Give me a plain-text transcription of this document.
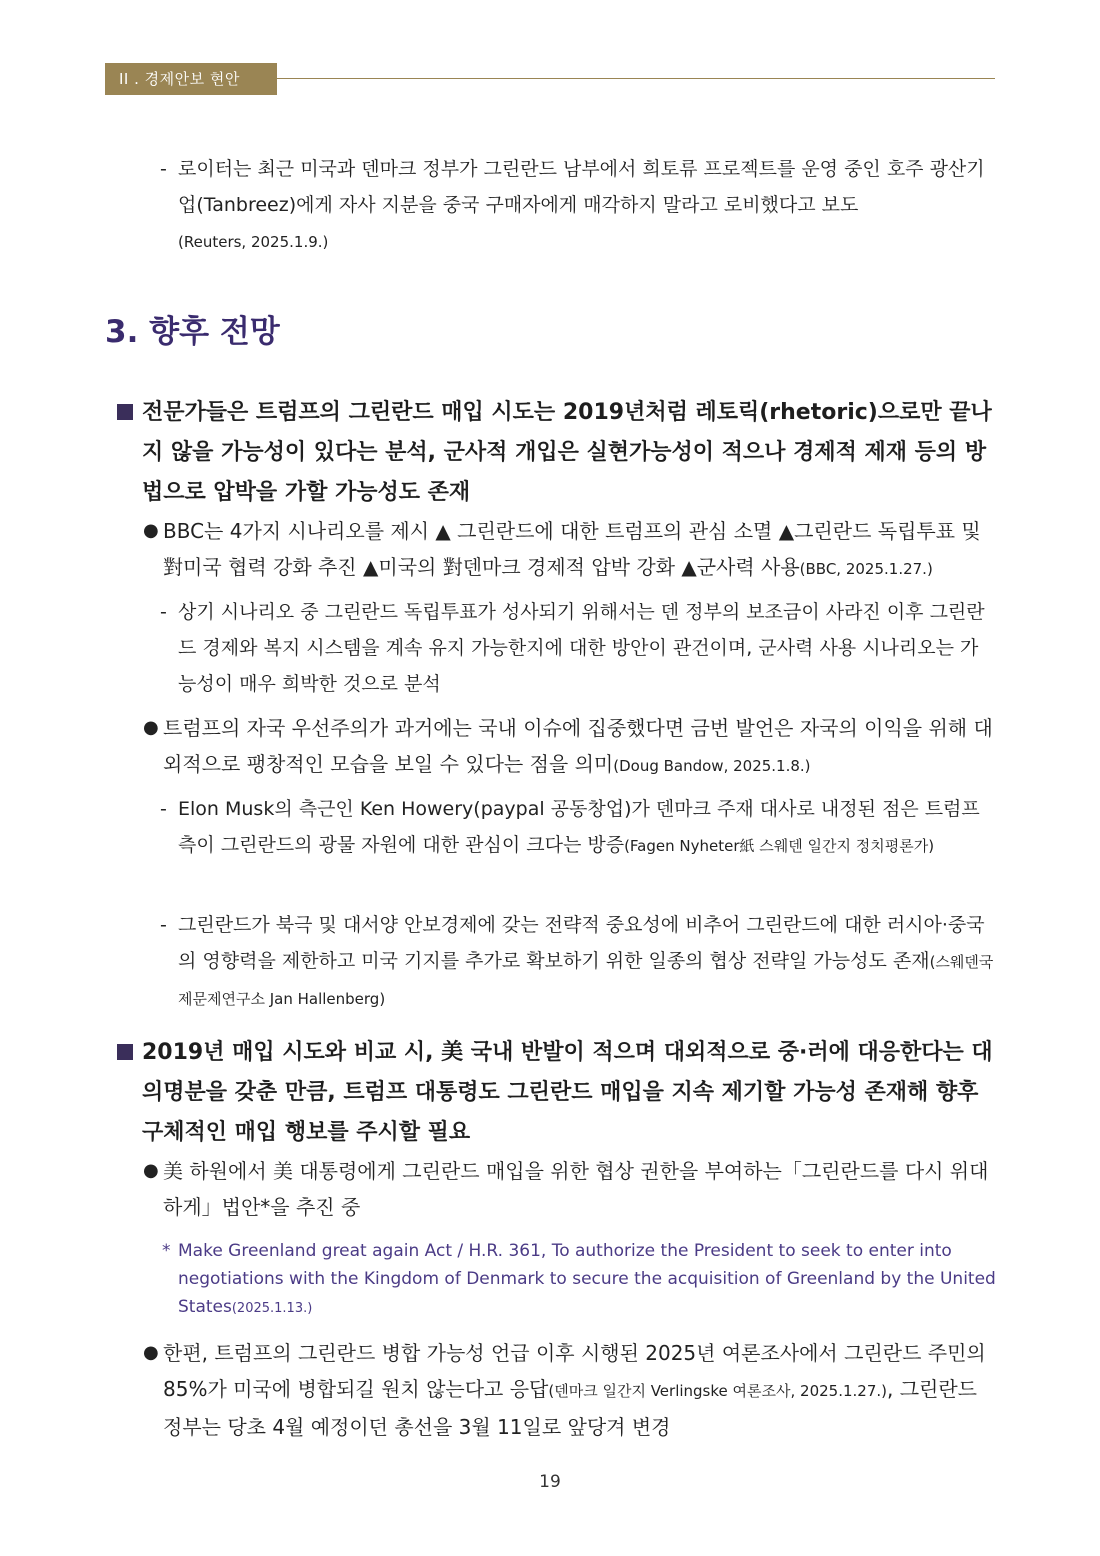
II . 경제안보 현안

- 로이터는 최근 미국과 덴마크 정부가 그린란드 남부에서 희토류 프로젝트를 운영 중인 호주 광산기업(Tanbreez)에게 자사 지분을 중국 구매자에게 매각하지 말라고 로비했다고 보도
(Reuters, 2025.1.9.)

3. 향후 전망

전문가들은 트럼프의 그린란드 매입 시도는 2019년처럼 레토릭(rhetoric)으로만 끝나지 않을 가능성이 있다는 분석, 군사적 개입은 실현가능성이 적으나 경제적 제재 등의 방법으로 압박을 가할 가능성도 존재

● BBC는 4가지 시나리오를 제시 ▲ 그린란드에 대한 트럼프의 관심 소멸 ▲그린란드 독립투표 및 對미국 협력 강화 추진 ▲미국의 對덴마크 경제적 압박 강화 ▲군사력 사용(BBC, 2025.1.27.)

- 상기 시나리오 중 그린란드 독립투표가 성사되기 위해서는 덴 정부의 보조금이 사라진 이후 그린란드 경제와 복지 시스템을 계속 유지 가능한지에 대한 방안이 관건이며, 군사력 사용 시나리오는 가능성이 매우 희박한 것으로 분석

● 트럼프의 자국 우선주의가 과거에는 국내 이슈에 집중했다면 금번 발언은 자국의 이익을 위해 대외적으로 팽창적인 모습을 보일 수 있다는 점을 의미(Doug Bandow, 2025.1.8.)

- Elon Musk의 측근인 Ken Howery(paypal 공동창업)가 덴마크 주재 대사로 내정된 점은 트럼프측이 그린란드의 광물 자원에 대한 관심이 크다는 방증(Fagen Nyheter紙 스웨덴 일간지 정치평론가)

- 그린란드가 북극 및 대서양 안보경제에 갖는 전략적 중요성에 비추어 그린란드에 대한 러시아·중국의 영향력을 제한하고 미국 기지를 추가로 확보하기 위한 일종의 협상 전략일 가능성도 존재(스웨덴국제문제연구소 Jan Hallenberg)

2019년 매입 시도와 비교 시, 美 국내 반발이 적으며 대외적으로 중·러에 대응한다는 대의명분을 갖춘 만큼, 트럼프 대통령도 그린란드 매입을 지속 제기할 가능성 존재해 향후 구체적인 매입 행보를 주시할 필요

● 美 하원에서 美 대통령에게 그린란드 매입을 위한 협상 권한을 부여하는「그린란드를 다시 위대하게」법안*을 추진 중

* Make Greenland great again Act / H.R. 361, To authorize the President to seek to enter into negotiations with the Kingdom of Denmark to secure the acquisition of Greenland by the United States(2025.1.13.)

● 한편, 트럼프의 그린란드 병합 가능성 언급 이후 시행된 2025년 여론조사에서 그린란드 주민의 85%가 미국에 병합되길 원치 않는다고 응답(덴마크 일간지 Verlingske 여론조사, 2025.1.27.), 그린란드 정부는 당초 4월 예정이던 총선을 3월 11일로 앞당겨 변경

19
